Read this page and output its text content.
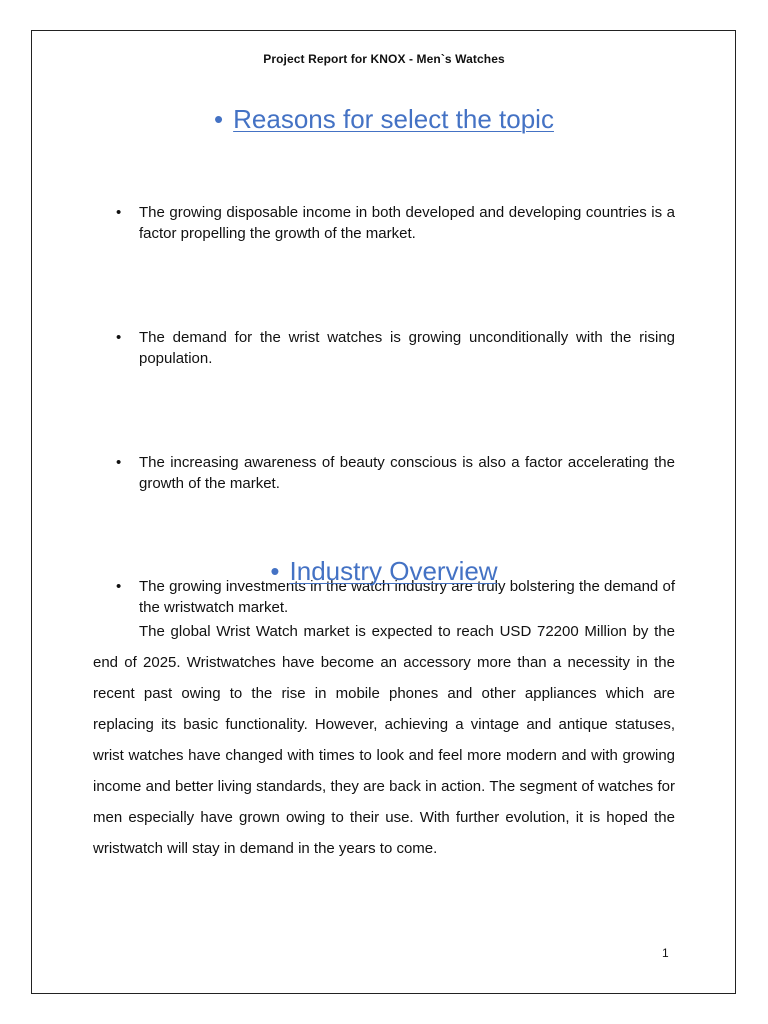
Project Report for KNOX - Men`s Watches
• Reasons for select the topic
• The growing disposable income in both developed and developing countries is a factor propelling the growth of the market.
• The demand for the wrist watches is growing unconditionally with the rising population.
• The increasing awareness of beauty conscious is also a factor accelerating the growth of the market.
• The growing investments in the watch industry are truly bolstering the demand of the wristwatch market.
• Industry Overview

The global Wrist Watch market is expected to reach USD 72200 Million by the end of 2025. Wristwatches have become an accessory more than a necessity in the recent past owing to the rise in mobile phones and other appliances which are replacing its basic functionality. However, achieving a vintage and antique statuses, wrist watches have changed with times to look and feel more modern and with growing income and better living standards, they are back in action. The segment of watches for men especially have grown owing to their use. With further evolution, it is hoped the wristwatch will stay in demand in the years to come.

1
